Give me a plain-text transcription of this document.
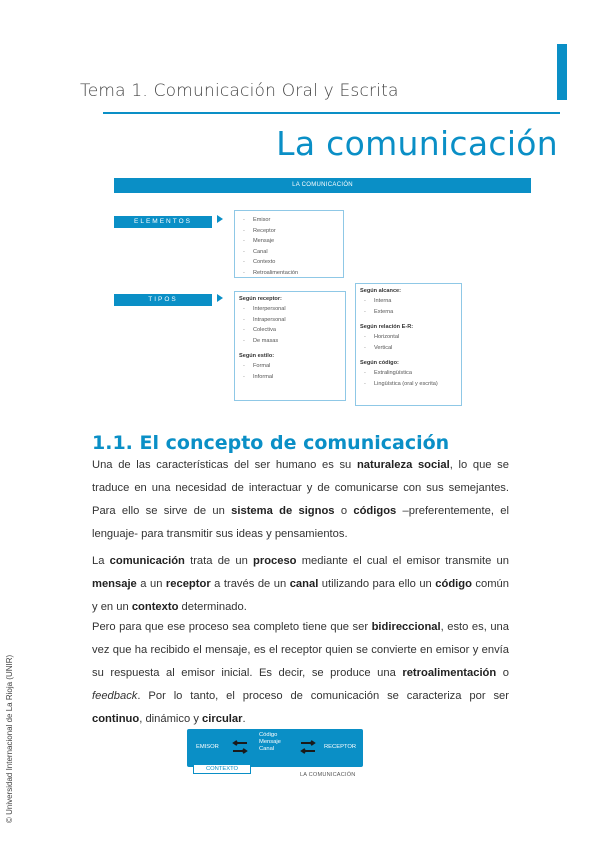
Tema 1. Comunicación Oral y Escrita
La comunicación
LA COMUNICACIÓN
ELEMENTOS
-	Emisor
- Receptor
- Mensaje
- Canal
- Contexto
- Retroalimentación
TIPOS	Según receptor:
- Interpersonal
- Intrapersonal
- Colectiva
- De masas
Según estilo:
- Formal
- Informal
Según alcance:
- Interna
- Externa
Según relación E-R:
- Horizontal
- Vertical
Según código:
- Extralingüística
- Lingüística (oral y escrita)
1.1. El concepto de comunicación

Una de las características del ser humano es su naturaleza social, lo que se traduce en una necesidad de interactuar y de comunicarse con sus semejantes. Para ello se sirve de un sistema de signos o códigos –preferentemente, el lenguaje- para transmitir sus ideas y pensamientos.

La comunicación trata de un proceso mediante el cual el emisor transmite un mensaje a un receptor a través de un canal utilizando para ello un código común y en un contexto determinado.

Pero para que ese proceso sea completo tiene que ser bidireccional, esto es, una vez que ha recibido el mensaje, es el receptor quien se convierte en emisor y envía su respuesta al emisor inicial. Es decir, se produce una retroalimentación o feedback. Por lo tanto, el proceso de comunicación se caracteriza por ser continuo, dinámico y circular.

EMISOR
Código
Mensaje
Canal	RECEPTOR
CONTEXTO
LA COMUNICACIÓN
© Universidad Internacional de La Rioja (UNIR)
